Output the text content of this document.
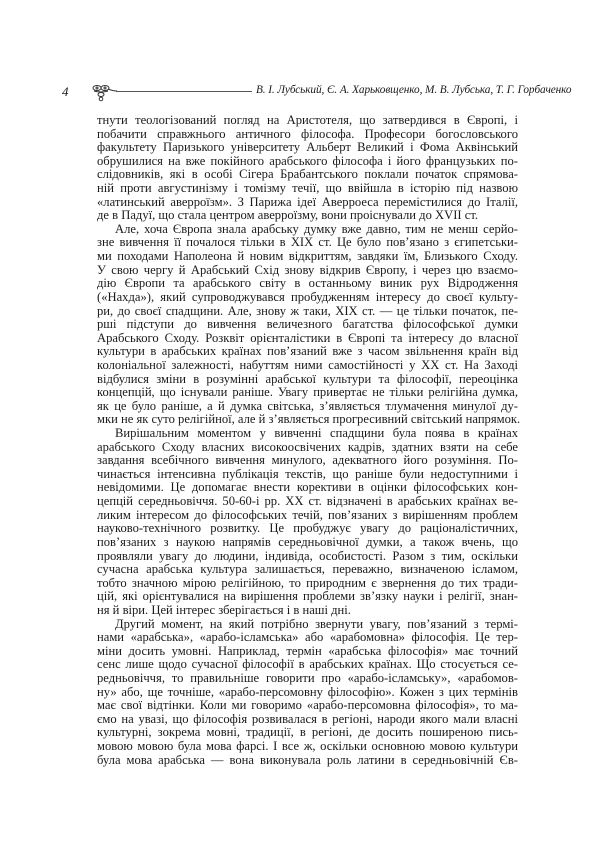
4	В. І. Лубський, Є. А. Харьковщенко, М. В. Лубська, Т. Г. Горбаченко
тнути теологізований погляд на Аристотеля, що затвердився в Європі, і
побачити справжнього античного філософа. Професори богословського
факультету Паризького університету Альберт Великий і Фома Аквінський
обрушилися на вже покійного арабського філософа і його французьких по-
слідовників, які в особі Сігера Брабантського поклали початок спрямова-
ній проти августинізму і томізму течії, що ввійшла в історію під назвою
«латинський аверроїзм». З Парижа ідеї Аверроеса перемістилися до Італії,
де в Падуї, що стала центром аверроїзму, вони проіснували до XVII ст.
Але, хоча Європа знала арабську думку вже давно, тим не менш серйо-
зне вивчення її почалося тільки в XIX ст. Це було пов’язано з єгипетськи-
ми походами Наполеона й новим відкриттям, завдяки їм, Близького Сходу.
У свою чергу й Арабський Схід знову відкрив Європу, і через цю взаємо-
дію Європи та арабського світу в останньому виник рух Відродження
(«Нахда»), який супроводжувався пробудженням інтересу до своєї культу-
ри, до своєї спадщини. Але, знову ж таки, XIX ст. — це тільки початок, пе-
рші підступи до вивчення величезного багатства філософської думки
Арабського Сходу. Розквіт орієнталістики в Європі та інтересу до власної
культури в арабських країнах пов’язаний вже з часом звільнення країн від
колоніальної залежності, набуттям ними самостійності у XX ст. На Заході
відбулися зміни в розумінні арабської культури та філософії, переоцінка
концепцій, що існували раніше. Увагу привертає не тільки релігійна думка,
як це було раніше, а й думка світська, з’являється тлумачення минулої ду-
мки не як суто релігійної, але й з’являється прогресивний світський напрямок.
Вирішальним моментом у вивченні спадщини була поява в країнах
арабського Сходу власних високоосвічених кадрів, здатних взяти на себе
завдання всебічного вивчення минулого, адекватного його розуміння. По-
чинається інтенсивна публікація текстів, що раніше були недоступними і
невідомими. Це допомагає внести корективи в оцінки філософських кон-
цепцій середньовіччя. 50-60-і рр. XX ст. відзначені в арабських країнах ве-
ликим інтересом до філософських течій, пов’язаних з вирішенням проблем
науково-технічного розвитку. Це пробуджує увагу до раціоналістичних,
пов’язаних з наукою напрямів середньовічної думки, а також вчень, що
проявляли увагу до людини, індивіда, особистості. Разом з тим, оскільки
сучасна арабська культура залишається, переважно, визначеною ісламом,
тобто значною мірою релігійною, то природним є звернення до тих тради-
цій, які орієнтувалися на вирішення проблеми зв’язку науки і релігії, знан-
ня й віри. Цей інтерес зберігається і в наші дні.
Другий момент, на який потрібно звернути увагу, пов’язаний з термі-
нами «арабська», «арабо-ісламська» або «арабомовна» філософія. Це тер-
міни досить умовні. Наприклад, термін «арабська філософія» має точний
сенс лише щодо сучасної філософії в арабських країнах. Що стосується се-
редньовіччя, то правильніше говорити про «арабо-ісламську», «арабомов-
ну» або, ще точніше, «арабо-персомовну філософію». Кожен з цих термінів
має свої відтінки. Коли ми говоримо «арабо-персомовна філософія», то ма-
ємо на увазі, що філософія розвивалася в регіоні, народи якого мали власні
культурні, зокрема мовні, традиції, в регіоні, де досить поширеною пись-
мовою мовою була мова фарсі. І все ж, оскільки основною мовою культури
була мова арабська — вона виконувала роль латини в середньовічній Єв-
